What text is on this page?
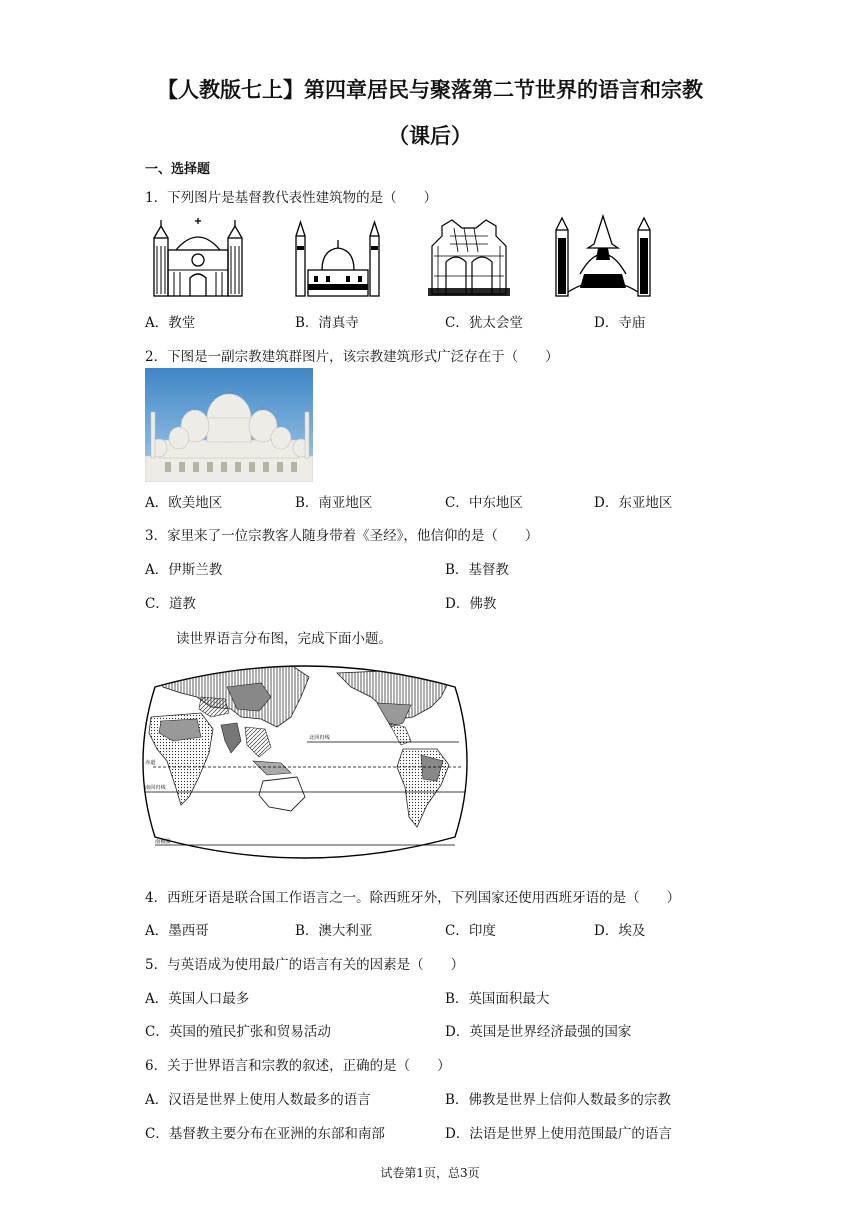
【人教版七上】第四章居民与聚落第二节世界的语言和宗教
（课后）
一、选择题
1．下列图片是基督教代表性建筑物的是（　　）
A．教堂	B．清真寺	C．犹太会堂	D．寺庙
2．下图是一副宗教建筑群图片，该宗教建筑形式广泛存在于（　　）
A．欧美地区	B．南亚地区	C．中东地区	D．东亚地区
3．家里来了一位宗教客人随身带着《圣经》，他信仰的是（　　）
A．伊斯兰教	B．基督教
C．道教	D．佛教
读世界语言分布图，完成下面小题。
北回归线
赤道
南回归线
南极圈
4．西班牙语是联合国工作语言之一。除西班牙外，下列国家还使用西班牙语的是（　　）
A．墨西哥	B．澳大利亚	C．印度	D．埃及
5．与英语成为使用最广的语言有关的因素是（　　）
A．英国人口最多	B．英国面积最大
C．英国的殖民扩张和贸易活动	D．英国是世界经济最强的国家
6．关于世界语言和宗教的叙述，正确的是（　　）
A．汉语是世界上使用人数最多的语言	B．佛教是世界上信仰人数最多的宗教
C．基督教主要分布在亚洲的东部和南部	D．法语是世界上使用范围最广的语言
试卷第1页，总3页
